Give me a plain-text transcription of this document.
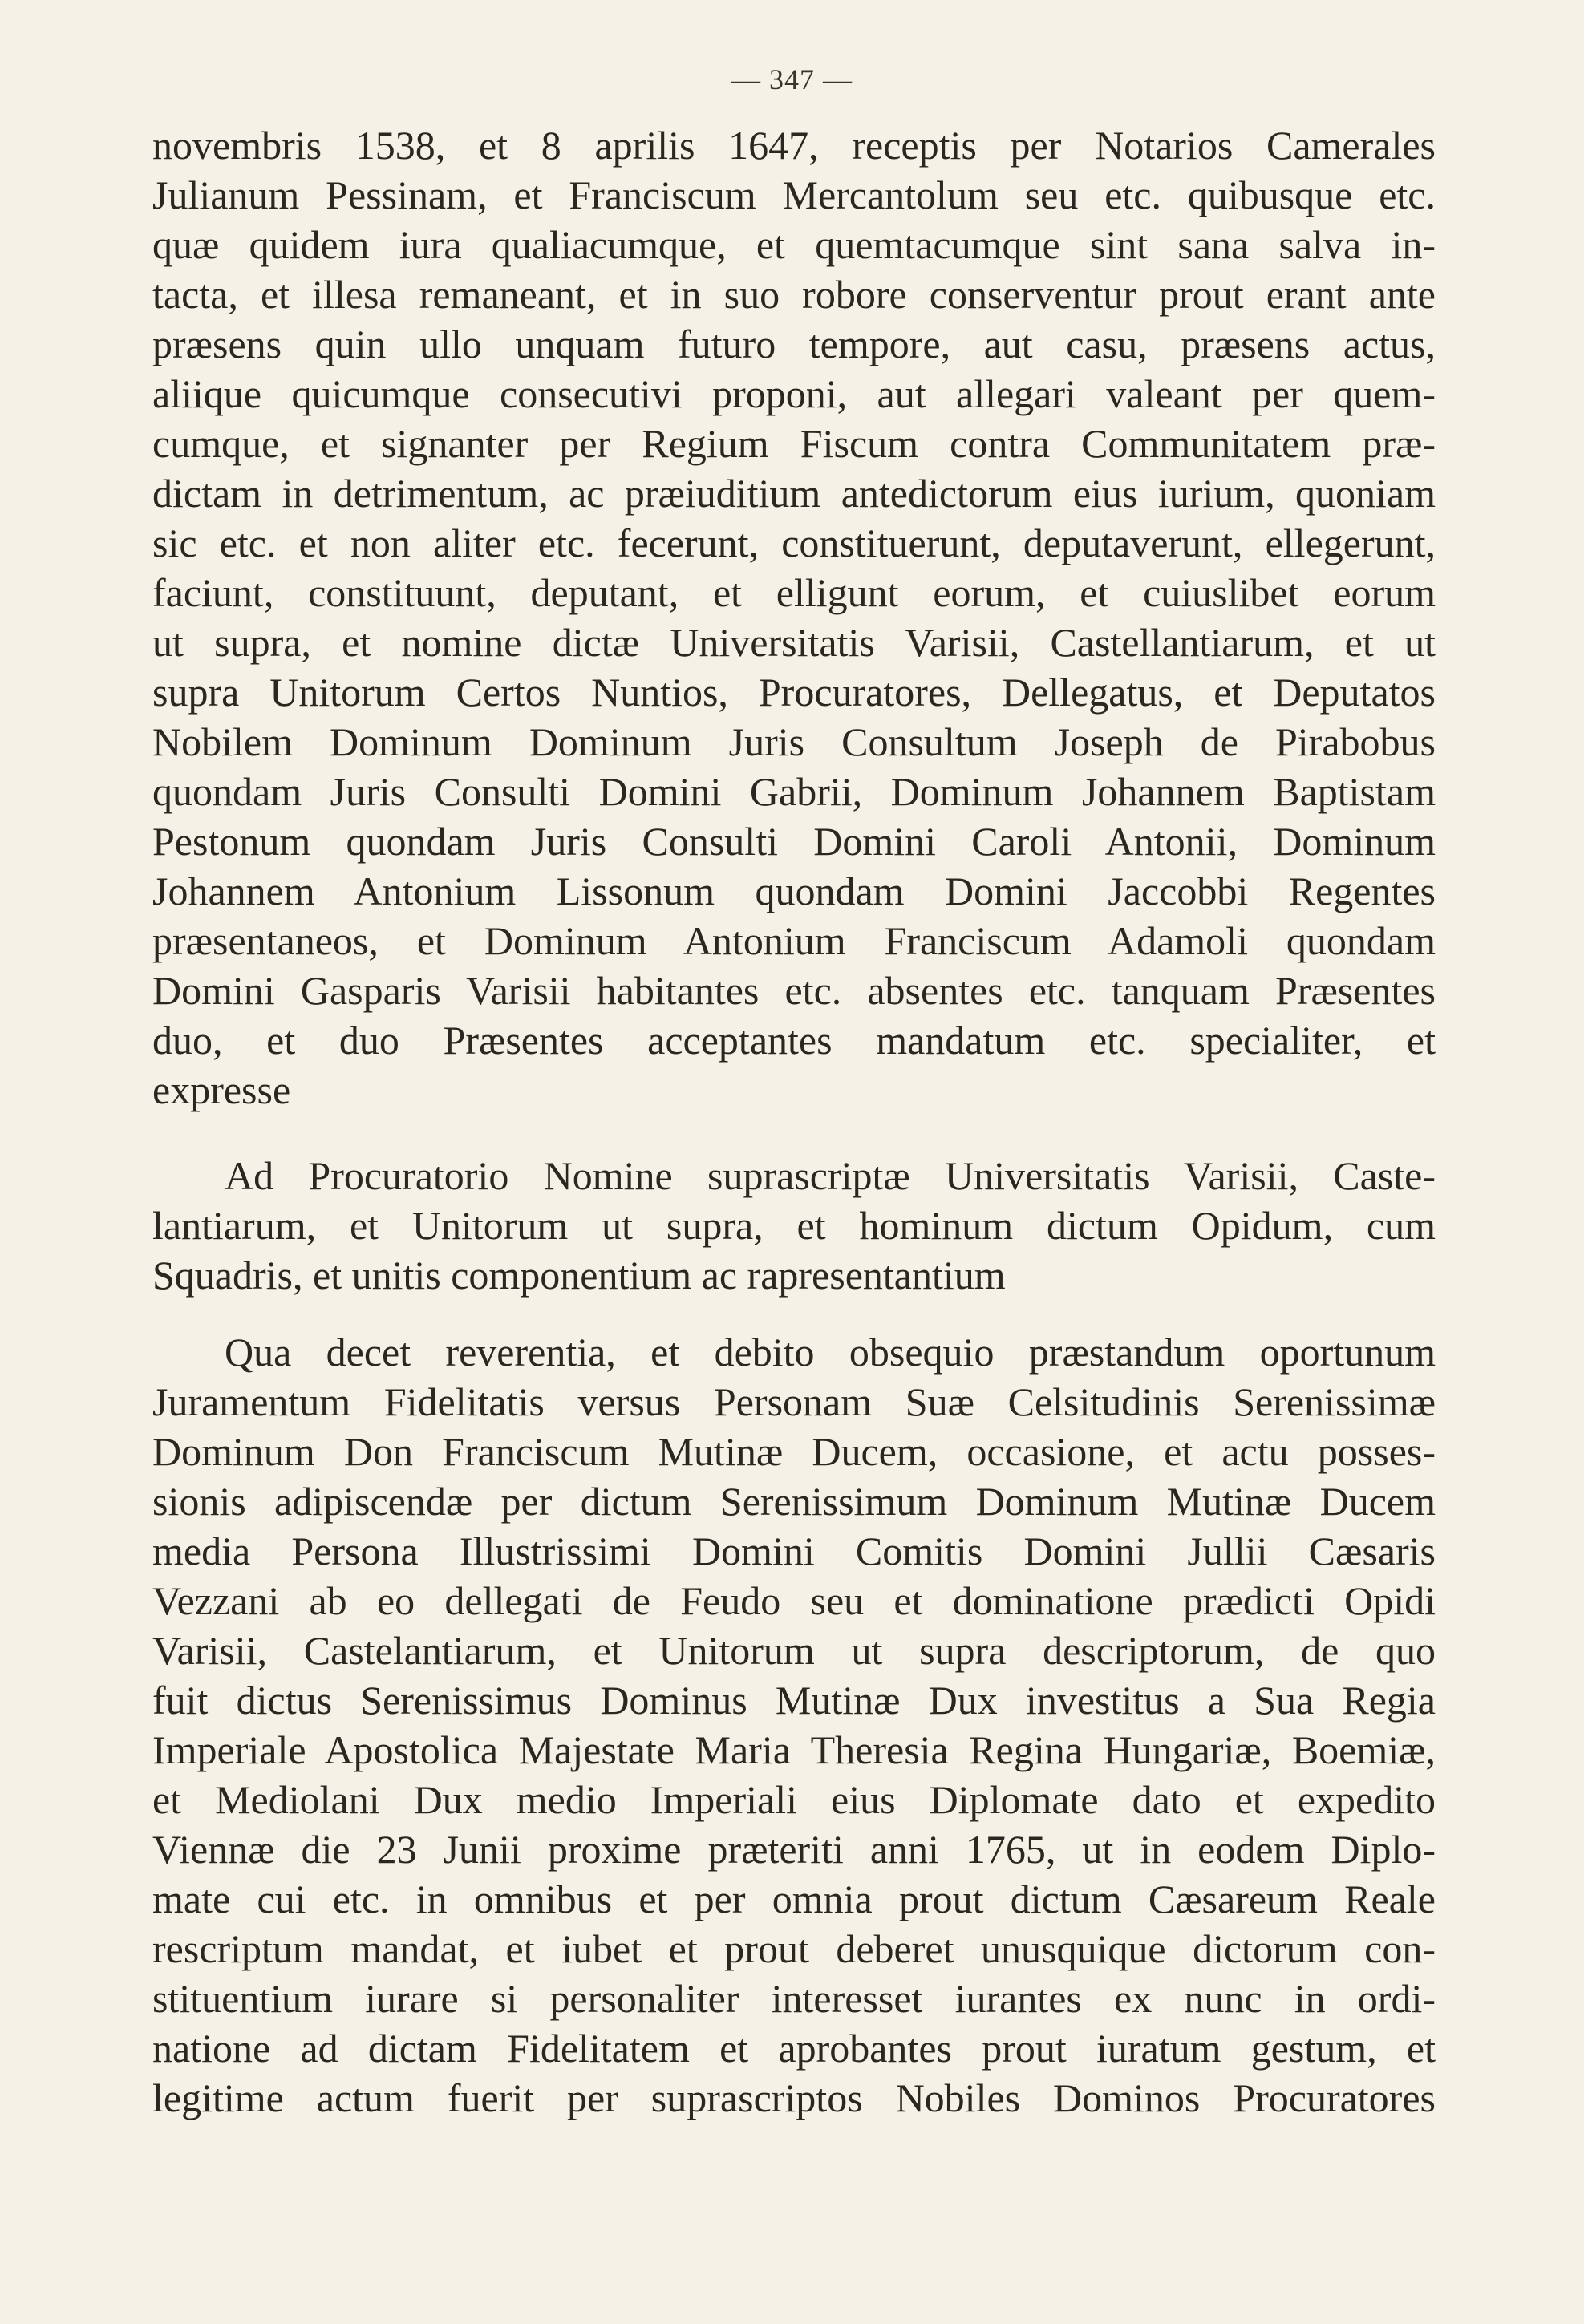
— 347 —
novembris 1538, et 8 aprilis 1647, receptis per Notarios Camerales
Julianum Pessinam, et Franciscum Mercantolum seu etc. quibusque etc.
quæ quidem iura qualiacumque, et quemtacumque sint sana salva in-
tacta, et illesa remaneant, et in suo robore conserventur prout erant ante
præsens quin ullo unquam futuro tempore, aut casu, præsens actus,
aliique quicumque consecutivi proponi, aut allegari valeant per quem-
cumque, et signanter per Regium Fiscum contra Communitatem præ-
dictam in detrimentum, ac præiuditium antedictorum eius iurium, quoniam
sic etc. et non aliter etc. fecerunt, constituerunt, deputaverunt, ellegerunt,
faciunt, constituunt, deputant, et elligunt eorum, et cuiuslibet eorum
ut supra, et nomine dictæ Universitatis Varisii, Castellantiarum, et ut
supra Unitorum Certos Nuntios, Procuratores, Dellegatus, et Deputatos
Nobilem Dominum Dominum Juris Consultum Joseph de Pirabobus
quondam Juris Consulti Domini Gabrii, Dominum Johannem Baptistam
Pestonum quondam Juris Consulti Domini Caroli Antonii, Dominum
Johannem Antonium Lissonum quondam Domini Jaccobbi Regentes
præsentaneos, et Dominum Antonium Franciscum Adamoli quondam
Domini Gasparis Varisii habitantes etc. absentes etc. tanquam Præsentes
duo, et duo Præsentes acceptantes mandatum etc. specialiter, et
expresse
Ad Procuratorio Nomine suprascriptæ Universitatis Varisii, Caste-
lantiarum, et Unitorum ut supra, et hominum dictum Opidum, cum
Squadris, et unitis componentium ac rapresentantium
Qua decet reverentia, et debito obsequio præstandum oportunum
Juramentum Fidelitatis versus Personam Suæ Celsitudinis Serenissimæ
Dominum Don Franciscum Mutinæ Ducem, occasione, et actu posses-
sionis adipiscendæ per dictum Serenissimum Dominum Mutinæ Ducem
media Persona Illustrissimi Domini Comitis Domini Jullii Cæsaris
Vezzani ab eo dellegati de Feudo seu et dominatione prædicti Opidi
Varisii, Castelantiarum, et Unitorum ut supra descriptorum, de quo
fuit dictus Serenissimus Dominus Mutinæ Dux investitus a Sua Regia
Imperiale Apostolica Majestate Maria Theresia Regina Hungariæ, Boemiæ,
et Mediolani Dux medio Imperiali eius Diplomate dato et expedito
Viennæ die 23 Junii proxime præteriti anni 1765, ut in eodem Diplo-
mate cui etc. in omnibus et per omnia prout dictum Cæsareum Reale
rescriptum mandat, et iubet et prout deberet unusquique dictorum con-
stituentium iurare si personaliter interesset iurantes ex nunc in ordi-
natione ad dictam Fidelitatem et aprobantes prout iuratum gestum, et
legitime actum fuerit per suprascriptos Nobiles Dominos Procuratores
